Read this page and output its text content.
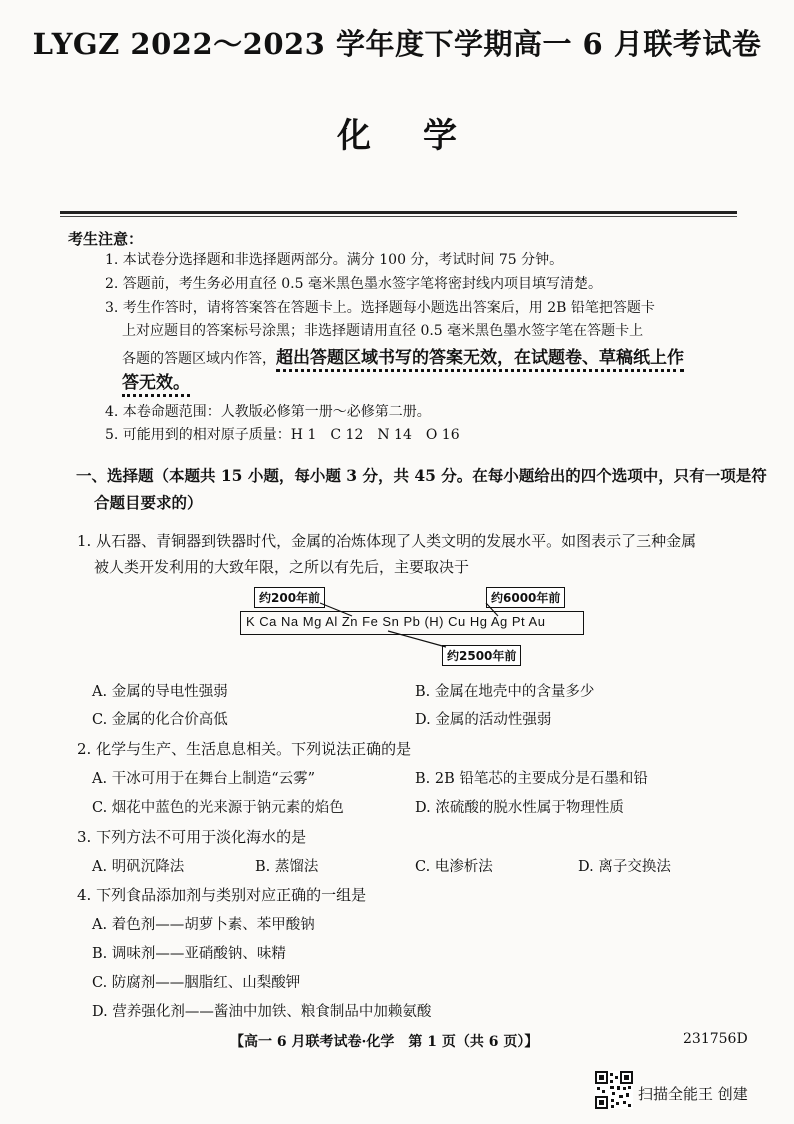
LYGZ 2022～2023 学年度下学期高一 6 月联考试卷
化学
考生注意：
1. 本试卷分选择题和非选择题两部分。满分 100 分，考试时间 75 分钟。
2. 答题前，考生务必用直径 0.5 毫米黑色墨水签字笔将密封线内项目填写清楚。
3. 考生作答时，请将答案答在答题卡上。选择题每小题选出答案后，用 2B 铅笔把答题卡
上对应题目的答案标号涂黑；非选择题请用直径 0.5 毫米黑色墨水签字笔在答题卡上
各题的答题区域内作答，超出答题区域书写的答案无效，在试题卷、草稿纸上作
答无效。
4. 本卷命题范围：人教版必修第一册～必修第二册。
5. 可能用到的相对原子质量：H 1　C 12　N 14　O 16
一、选择题（本题共 15 小题，每小题 3 分，共 45 分。在每小题给出的四个选项中，只有一项是符
合题目要求的）
1. 从石器、青铜器到铁器时代，金属的冶炼体现了人类文明的发展水平。如图表示了三种金属
被人类开发利用的大致年限，之所以有先后，主要取决于
K Ca Na Mg Al Zn Fe Sn Pb (H) Cu Hg Ag Pt Au
约200年前	约6000年前
约2500年前
A. 金属的导电性强弱	B. 金属在地壳中的含量多少
C. 金属的化合价高低	D. 金属的活动性强弱
2. 化学与生产、生活息息相关。下列说法正确的是
A. 干冰可用于在舞台上制造“云雾”	B. 2B 铅笔芯的主要成分是石墨和铅
C. 烟花中蓝色的光来源于钠元素的焰色	D. 浓硫酸的脱水性属于物理性质
3. 下列方法不可用于淡化海水的是
A. 明矾沉降法	B. 蒸馏法	C. 电渗析法	D. 离子交换法
4. 下列食品添加剂与类别对应正确的一组是
A. 着色剂——胡萝卜素、苯甲酸钠
B. 调味剂——亚硝酸钠、味精
C. 防腐剂——胭脂红、山梨酸钾
D. 营养强化剂——酱油中加铁、粮食制品中加赖氨酸
【高一 6 月联考试卷·化学　第 1 页（共 6 页）】	231756D
扫描全能王 创建
